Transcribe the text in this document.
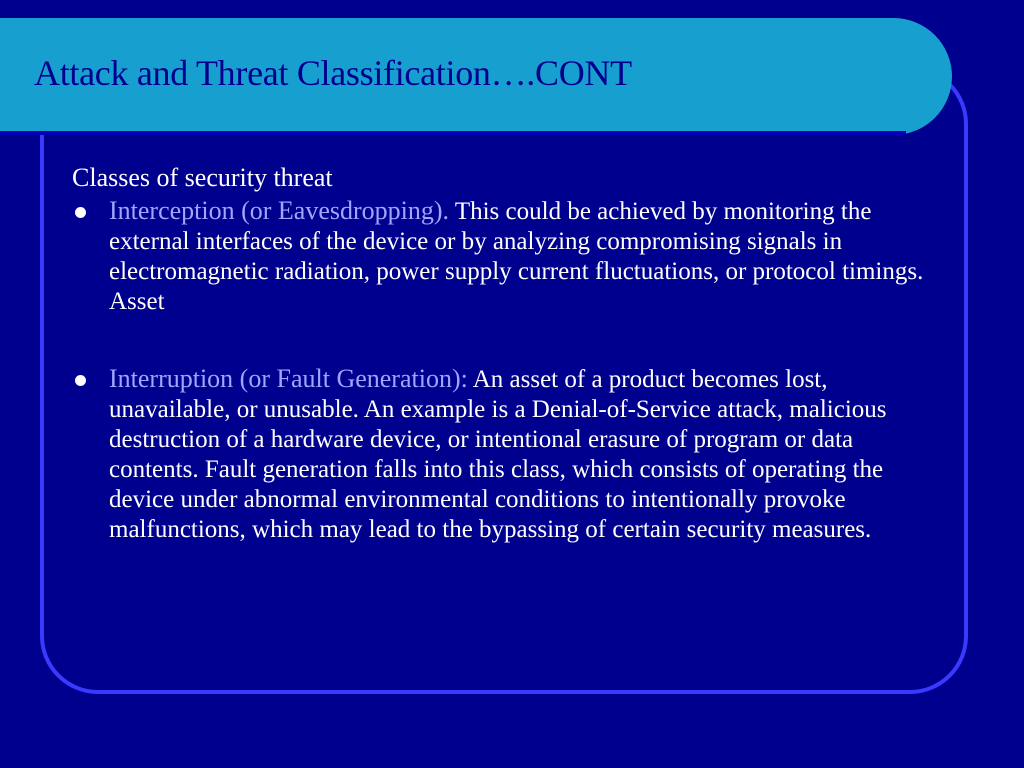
Attack and Threat Classification….CONT

Classes of security threat

Interception (or Eavesdropping). This could be achieved by monitoring the external interfaces of the device or by analyzing compromising signals in electromagnetic radiation, power supply current fluctuations, or protocol timings. Asset
Interruption (or Fault Generation): An asset of a product becomes lost, unavailable, or unusable. An example is a Denial-of-Service attack, malicious destruction of a hardware device, or intentional erasure of program or data contents. Fault generation falls into this class, which consists of operating the device under abnormal environmental conditions to intentionally provoke malfunctions, which may lead to the bypassing of certain security measures.
